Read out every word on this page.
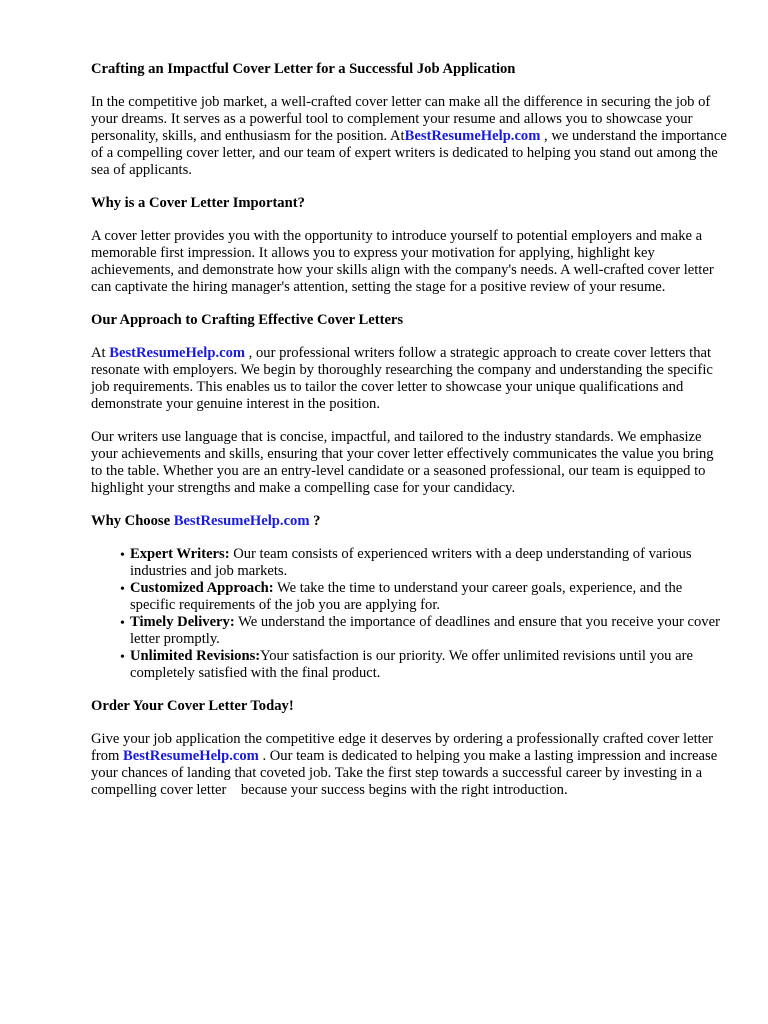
Crafting an Impactful Cover Letter for a Successful Job Application

In the competitive job market, a well-crafted cover letter can make all the difference in securing the job of your dreams. It serves as a powerful tool to complement your resume and allows you to showcase your personality, skills, and enthusiasm for the position. AtBestResumeHelp.com , we understand the importance of a compelling cover letter, and our team of expert writers is dedicated to helping you stand out among the sea of applicants.

Why is a Cover Letter Important?

A cover letter provides you with the opportunity to introduce yourself to potential employers and make a memorable first impression. It allows you to express your motivation for applying, highlight key achievements, and demonstrate how your skills align with the company's needs. A well-crafted cover letter can captivate the hiring manager's attention, setting the stage for a positive review of your resume.

Our Approach to Crafting Effective Cover Letters

At BestResumeHelp.com , our professional writers follow a strategic approach to create cover letters that resonate with employers. We begin by thoroughly researching the company and understanding the specific job requirements. This enables us to tailor the cover letter to showcase your unique qualifications and demonstrate your genuine interest in the position.

Our writers use language that is concise, impactful, and tailored to the industry standards. We emphasize your achievements and skills, ensuring that your cover letter effectively communicates the value you bring to the table. Whether you are an entry-level candidate or a seasoned professional, our team is equipped to highlight your strengths and make a compelling case for your candidacy.

Why Choose BestResumeHelp.com ?
• Expert Writers: Our team consists of experienced writers with a deep understanding of various industries and job markets.
• Customized Approach: We take the time to understand your career goals, experience, and the specific requirements of the job you are applying for.
• Timely Delivery: We understand the importance of deadlines and ensure that you receive your cover letter promptly.
• Unlimited Revisions:Your satisfaction is our priority. We offer unlimited revisions until you are completely satisfied with the final product.
Order Your Cover Letter Today!

Give your job application the competitive edge it deserves by ordering a professionally crafted cover letter from BestResumeHelp.com . Our team is dedicated to helping you make a lasting impression and increase your chances of landing that coveted job. Take the first step towards a successful career by investing in a compelling cover letter    because your success begins with the right introduction.
